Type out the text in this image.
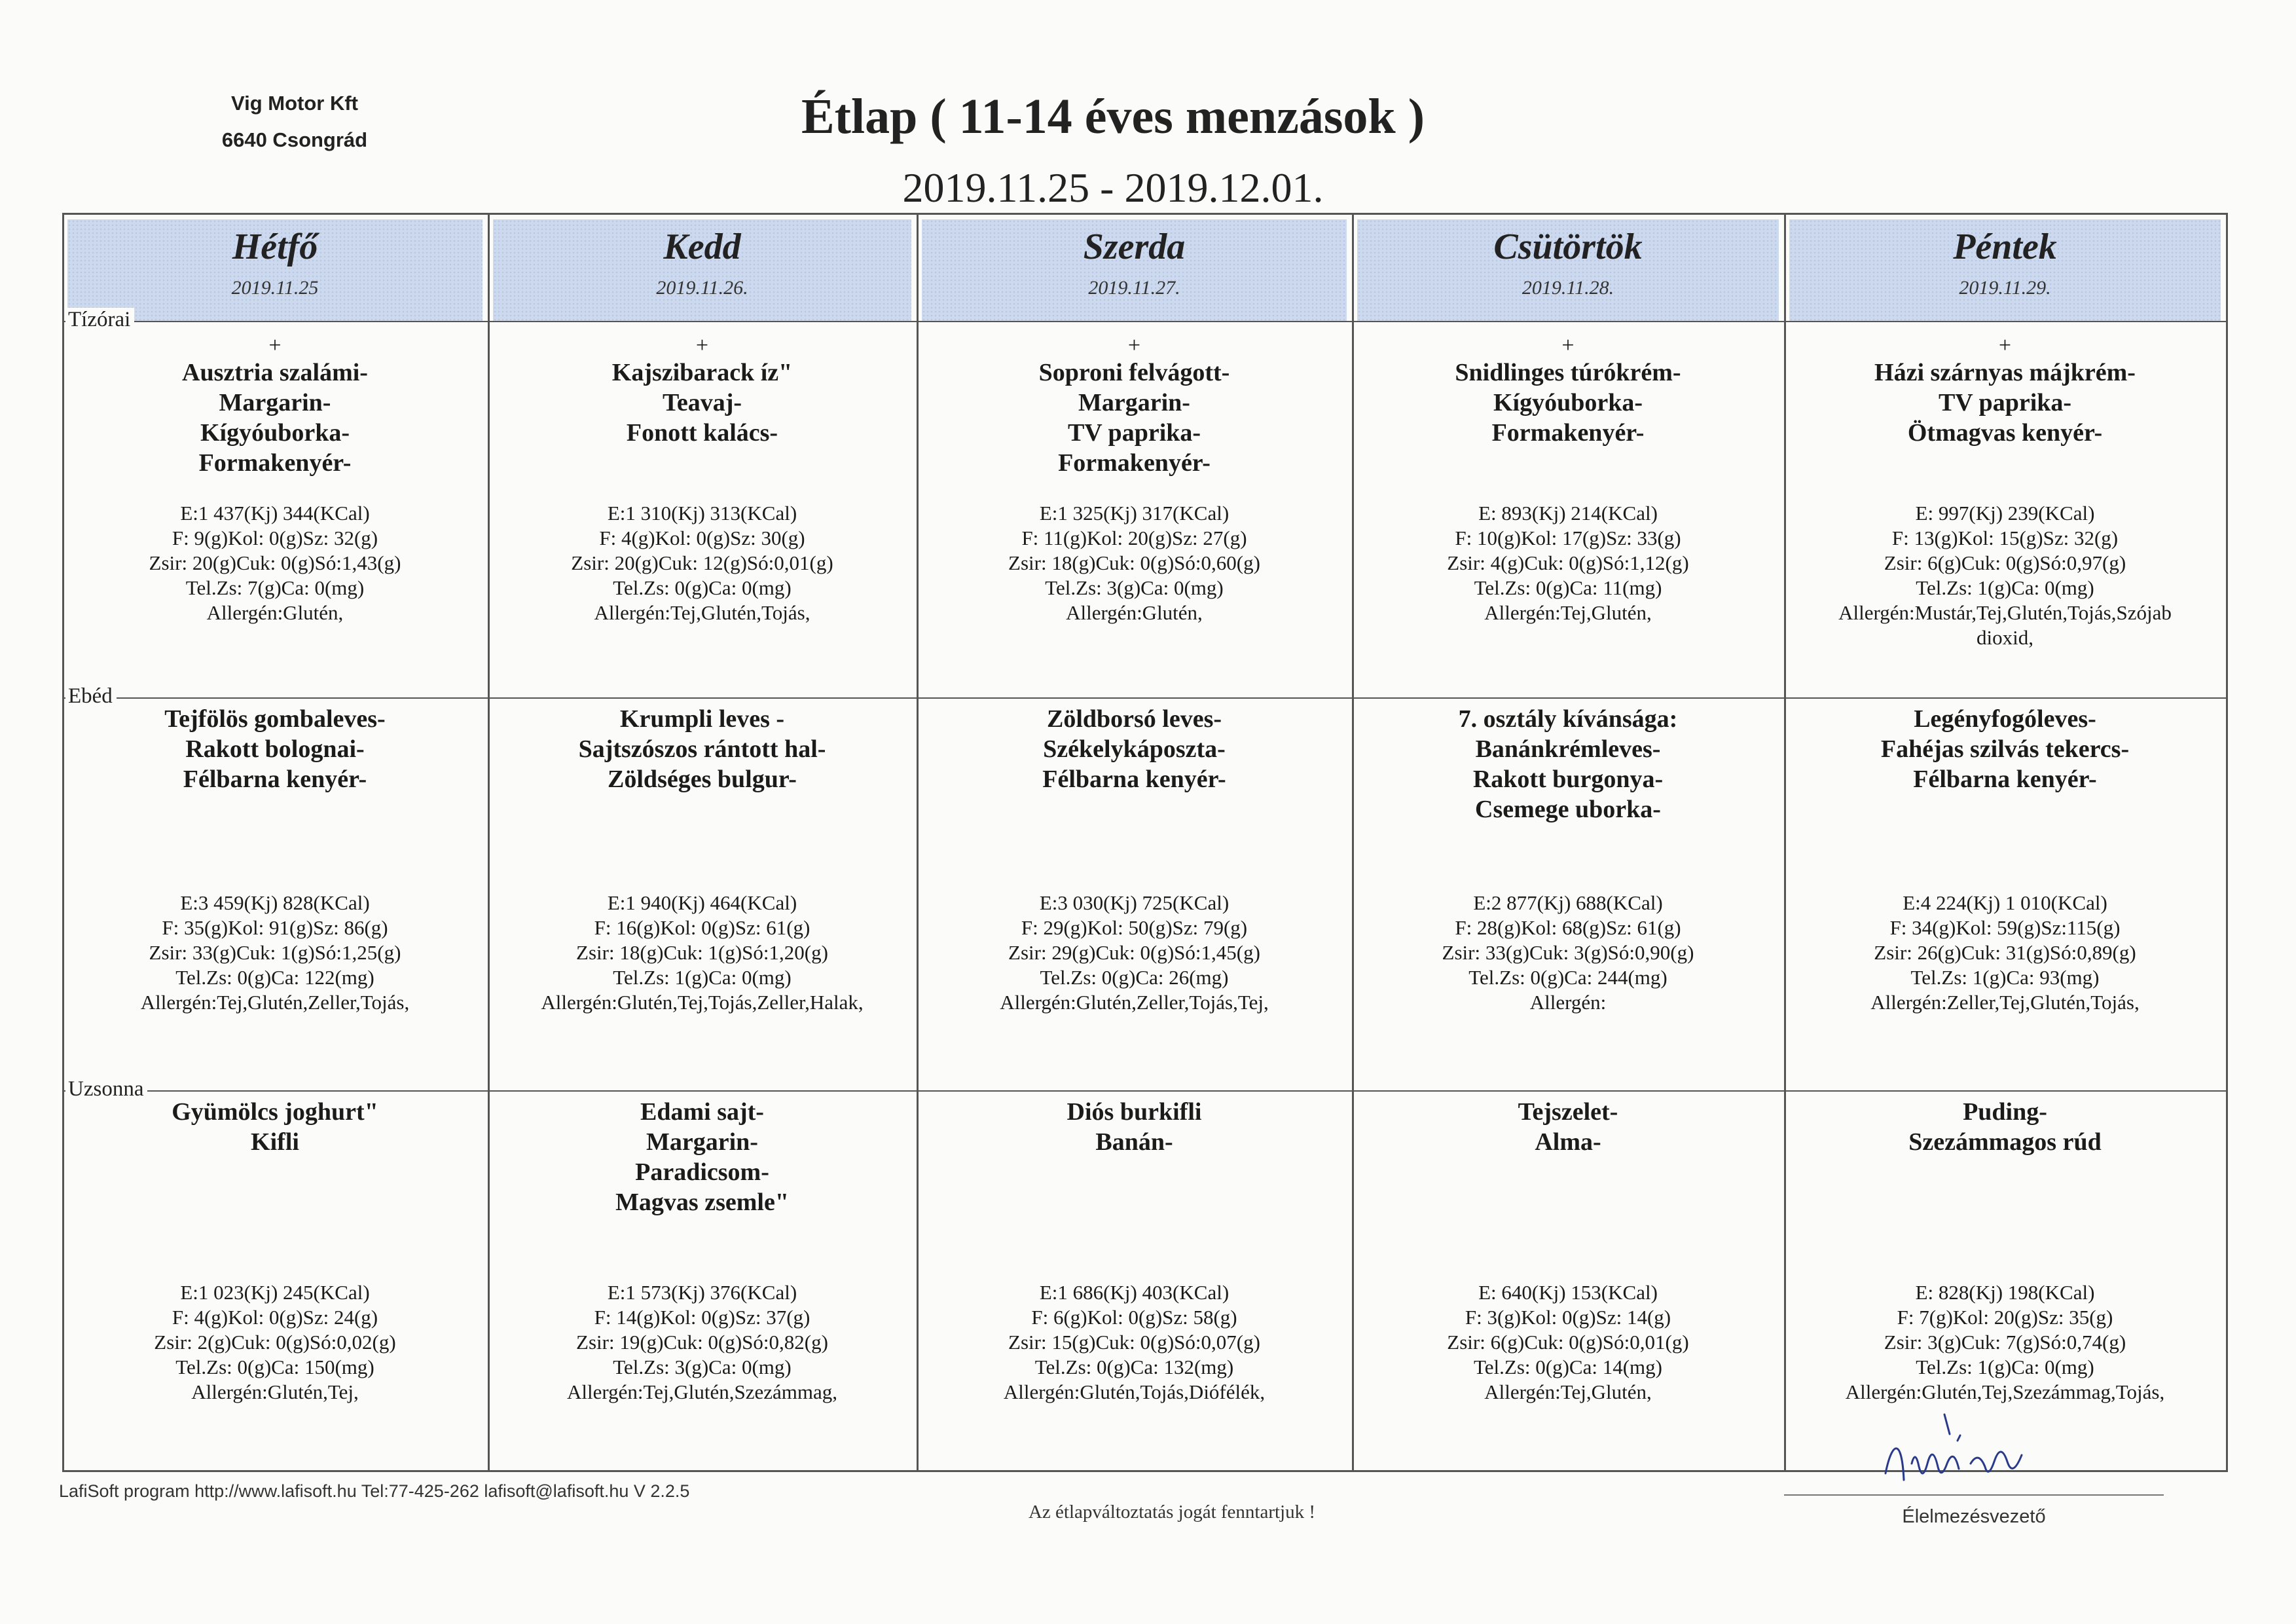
Vig Motor Kft
6640 Csongrád	Étlap ( 11-14 éves menzások )
2019.11.25 - 2019.12.01.
Hétfő
2019.11.25
Kedd
2019.11.26.
Szerda
2019.11.27.
Csütörtök
2019.11.28.
Péntek
2019.11.29.
Tízórai
Ebéd
Uzsonna
+
Ausztria szalámi-
Margarin-
Kígyóuborka-
Formakenyér-
E:1 437(Kj) 344(KCal)
F: 9(g)Kol: 0(g)Sz: 32(g)
Zsir: 20(g)Cuk: 0(g)Só:1,43(g)
Tel.Zs: 7(g)Ca: 0(mg)
Allergén:Glutén,
Tejfölös gombaleves-
Rakott bolognai-
Félbarna kenyér-
E:3 459(Kj) 828(KCal)
F: 35(g)Kol: 91(g)Sz: 86(g)
Zsir: 33(g)Cuk: 1(g)Só:1,25(g)
Tel.Zs: 0(g)Ca: 122(mg)
Allergén:Tej,Glutén,Zeller,Tojás,
Gyümölcs joghurt"
Kifli
E:1 023(Kj) 245(KCal)
F: 4(g)Kol: 0(g)Sz: 24(g)
Zsir: 2(g)Cuk: 0(g)Só:0,02(g)
Tel.Zs: 0(g)Ca: 150(mg)
Allergén:Glutén,Tej,
+
Kajszibarack íz"
Teavaj-
Fonott kalács-
E:1 310(Kj) 313(KCal)
F: 4(g)Kol: 0(g)Sz: 30(g)
Zsir: 20(g)Cuk: 12(g)Só:0,01(g)
Tel.Zs: 0(g)Ca: 0(mg)
Allergén:Tej,Glutén,Tojás,
Krumpli leves -
Sajtszószos rántott hal-
Zöldséges bulgur-
E:1 940(Kj) 464(KCal)
F: 16(g)Kol: 0(g)Sz: 61(g)
Zsir: 18(g)Cuk: 1(g)Só:1,20(g)
Tel.Zs: 1(g)Ca: 0(mg)
Allergén:Glutén,Tej,Tojás,Zeller,Halak,
Edami sajt-
Margarin-
Paradicsom-
Magvas zsemle"
E:1 573(Kj) 376(KCal)
F: 14(g)Kol: 0(g)Sz: 37(g)
Zsir: 19(g)Cuk: 0(g)Só:0,82(g)
Tel.Zs: 3(g)Ca: 0(mg)
Allergén:Tej,Glutén,Szezámmag,
+
Soproni felvágott-
Margarin-
TV paprika-
Formakenyér-
E:1 325(Kj) 317(KCal)
F: 11(g)Kol: 20(g)Sz: 27(g)
Zsir: 18(g)Cuk: 0(g)Só:0,60(g)
Tel.Zs: 3(g)Ca: 0(mg)
Allergén:Glutén,
Zöldborsó leves-
Székelykáposzta-
Félbarna kenyér-
E:3 030(Kj) 725(KCal)
F: 29(g)Kol: 50(g)Sz: 79(g)
Zsir: 29(g)Cuk: 0(g)Só:1,45(g)
Tel.Zs: 0(g)Ca: 26(mg)
Allergén:Glutén,Zeller,Tojás,Tej,
Diós burkifli
Banán-
E:1 686(Kj) 403(KCal)
F: 6(g)Kol: 0(g)Sz: 58(g)
Zsir: 15(g)Cuk: 0(g)Só:0,07(g)
Tel.Zs: 0(g)Ca: 132(mg)
Allergén:Glutén,Tojás,Diófélék,
+
Snidlinges túrókrém-
Kígyóuborka-
Formakenyér-
E: 893(Kj) 214(KCal)
F: 10(g)Kol: 17(g)Sz: 33(g)
Zsir: 4(g)Cuk: 0(g)Só:1,12(g)
Tel.Zs: 0(g)Ca: 11(mg)
Allergén:Tej,Glutén,
7. osztály kívánsága:
Banánkrémleves-
Rakott burgonya-
Csemege uborka-
E:2 877(Kj) 688(KCal)
F: 28(g)Kol: 68(g)Sz: 61(g)
Zsir: 33(g)Cuk: 3(g)Só:0,90(g)
Tel.Zs: 0(g)Ca: 244(mg)
Allergén:
Tejszelet-
Alma-
E: 640(Kj) 153(KCal)
F: 3(g)Kol: 0(g)Sz: 14(g)
Zsir: 6(g)Cuk: 0(g)Só:0,01(g)
Tel.Zs: 0(g)Ca: 14(mg)
Allergén:Tej,Glutén,
+
Házi szárnyas májkrém-
TV paprika-
Ötmagvas kenyér-
E: 997(Kj) 239(KCal)
F: 13(g)Kol: 15(g)Sz: 32(g)
Zsir: 6(g)Cuk: 0(g)Só:0,97(g)
Tel.Zs: 1(g)Ca: 0(mg)
Allergén:Mustár,Tej,Glutén,Tojás,Szójab
dioxid,
Legényfogóleves-
Fahéjas szilvás tekercs-
Félbarna kenyér-
E:4 224(Kj) 1 010(KCal)
F: 34(g)Kol: 59(g)Sz:115(g)
Zsir: 26(g)Cuk: 31(g)Só:0,89(g)
Tel.Zs: 1(g)Ca: 93(mg)
Allergén:Zeller,Tej,Glutén,Tojás,
Puding-
Szezámmagos rúd
E: 828(Kj) 198(KCal)
F: 7(g)Kol: 20(g)Sz: 35(g)
Zsir: 3(g)Cuk: 7(g)Só:0,74(g)
Tel.Zs: 1(g)Ca: 0(mg)
Allergén:Glutén,Tej,Szezámmag,Tojás,
LafiSoft program http://www.lafisoft.hu Tel:77-425-262 lafisoft@lafisoft.hu V 2.2.5
Az étlapváltoztatás jogát fenntartjuk !	Élelmezésvezető
